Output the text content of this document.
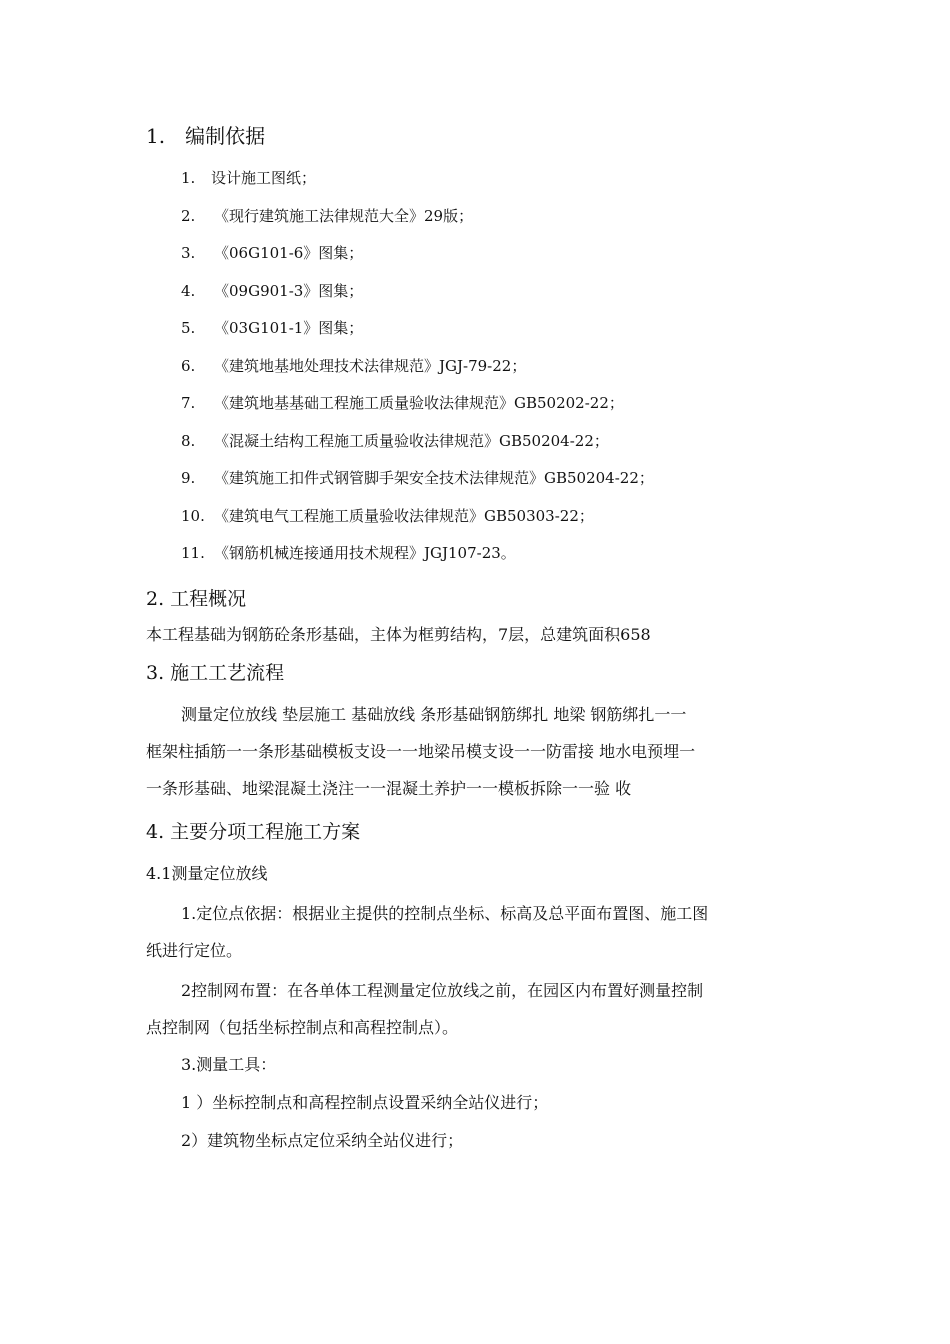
1. 编制依据
1. 设计施工图纸；
2. 《现行建筑施工法律规范大全》29版；
3. 《06G101-6》图集；
4. 《09G901-3》图集；
5. 《03G101-1》图集；
6. 《建筑地基地处理技术法律规范》JGJ-79-22；
7. 《建筑地基基础工程施工质量验收法律规范》GB50202-22；
8. 《混凝土结构工程施工质量验收法律规范》GB50204-22；
9. 《建筑施工扣件式钢管脚手架安全技术法律规范》GB50204-22；
10. 《建筑电气工程施工质量验收法律规范》GB50303-22；
11. 《钢筋机械连接通用技术规程》JGJ107-23。
2. 工程概况
本工程基础为钢筋砼条形基础，主体为框剪结构，7层，总建筑面积658
3. 施工工艺流程
测量定位放线 垫层施工 基础放线 条形基础钢筋绑扎 地梁 钢筋绑扎一一
框架柱插筋一一条形基础模板支设一一地梁吊模支设一一防雷接 地水电预埋一
一条形基础、地梁混凝土浇注一一混凝土养护一一模板拆除一一验 收
4. 主要分项工程施工方案
4.1测量定位放线
1.定位点依据：根据业主提供的控制点坐标、标高及总平面布置图、施工图
纸进行定位。
2控制网布置：在各单体工程测量定位放线之前，在园区内布置好测量控制
点控制网（包括坐标控制点和高程控制点）。
3.测量工具：
1 ）坐标控制点和高程控制点设置采纳全站仪进行；
2）建筑物坐标点定位采纳全站仪进行；
